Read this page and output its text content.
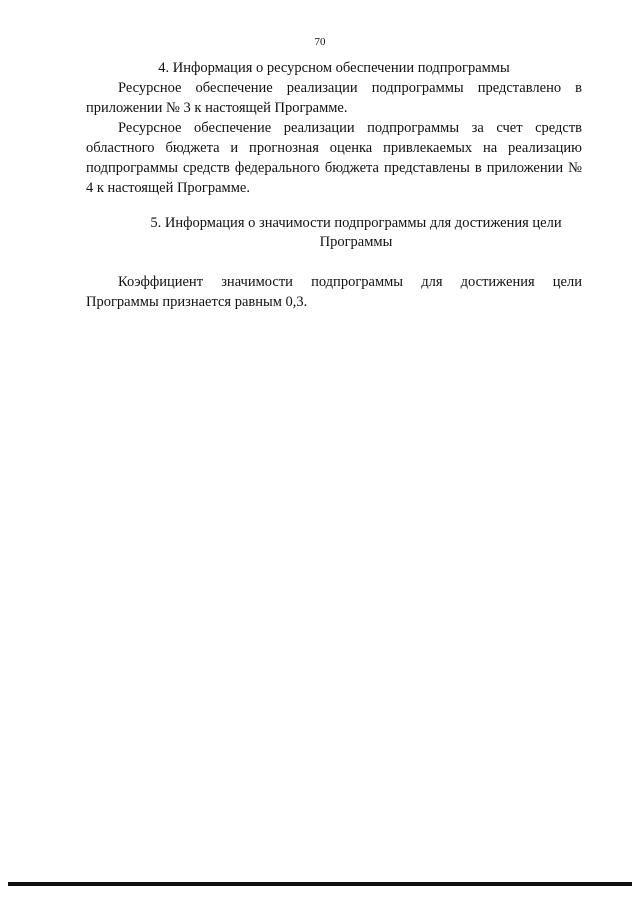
70
4. Информация о ресурсном обеспечении подпрограммы

Ресурсное обеспечение реализации подпрограммы представлено в приложении № 3 к настоящей Программе.

Ресурсное обеспечение реализации подпрограммы за счет средств областного бюджета и прогнозная оценка привлекаемых на реализацию подпрограммы средств федерального бюджета представлены в приложении № 4 к настоящей Программе.

5. Информация о значимости подпрограммы для достижения цели
Программы

Коэффициент значимости подпрограммы для достижения цели Программы признается равным 0,3.
